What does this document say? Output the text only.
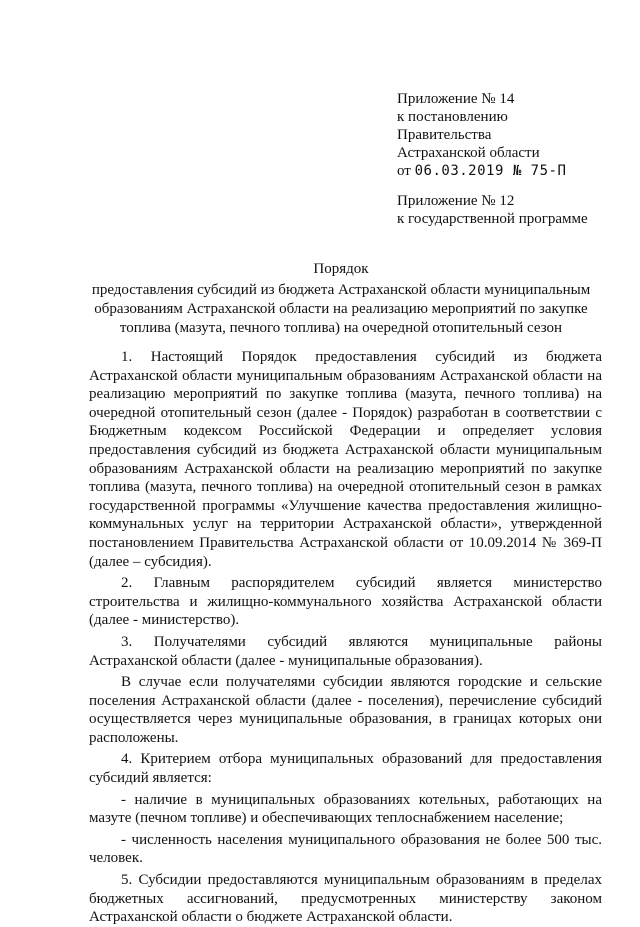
Приложение № 14
к постановлению
Правительства
Астраханской области
от 06.03.2019 № 75-П
Приложение № 12
к государственной программе
Порядок
предоставления субсидий из бюджета Астраханской области муниципальным образованиям Астраханской области на реализацию мероприятий по закупке топлива (мазута, печного топлива) на очередной отопительный сезон

1. Настоящий Порядок предоставления субсидий из бюджета Астраханской области муниципальным образованиям Астраханской области на реализацию мероприятий по закупке топлива (мазута, печного топлива) на очередной отопительный сезон (далее - Порядок) разработан в соответствии с Бюджетным кодексом Российской Федерации и определяет условия предоставления субсидий из бюджета Астраханской области муниципальным образованиям Астраханской области на реализацию мероприятий по закупке топлива (мазута, печного топлива) на очередной отопительный сезон в рамках государственной программы «Улучшение качества предоставления жилищно-коммунальных услуг на территории Астраханской области», утвержденной постановлением Правительства Астраханской области от 10.09.2014 № 369-П (далее – субсидия).

2. Главным распорядителем субсидий является министерство строительства и жилищно-коммунального хозяйства Астраханской области (далее - министерство).

3. Получателями субсидий являются муниципальные районы Астраханской области (далее - муниципальные образования).

В случае если получателями субсидии являются городские и сельские поселения Астраханской области (далее - поселения), перечисление субсидий осуществляется через муниципальные образования, в границах которых они расположены.

4. Критерием отбора муниципальных образований для предоставления субсидий является:

- наличие в муниципальных образованиях котельных, работающих на мазуте (печном топливе) и обеспечивающих теплоснабжением население;

- численность населения муниципального образования не более 500 тыс. человек.

5. Субсидии предоставляются муниципальным образованиям в пределах бюджетных ассигнований, предусмотренных министерству законом Астраханской области о бюджете Астраханской области.
